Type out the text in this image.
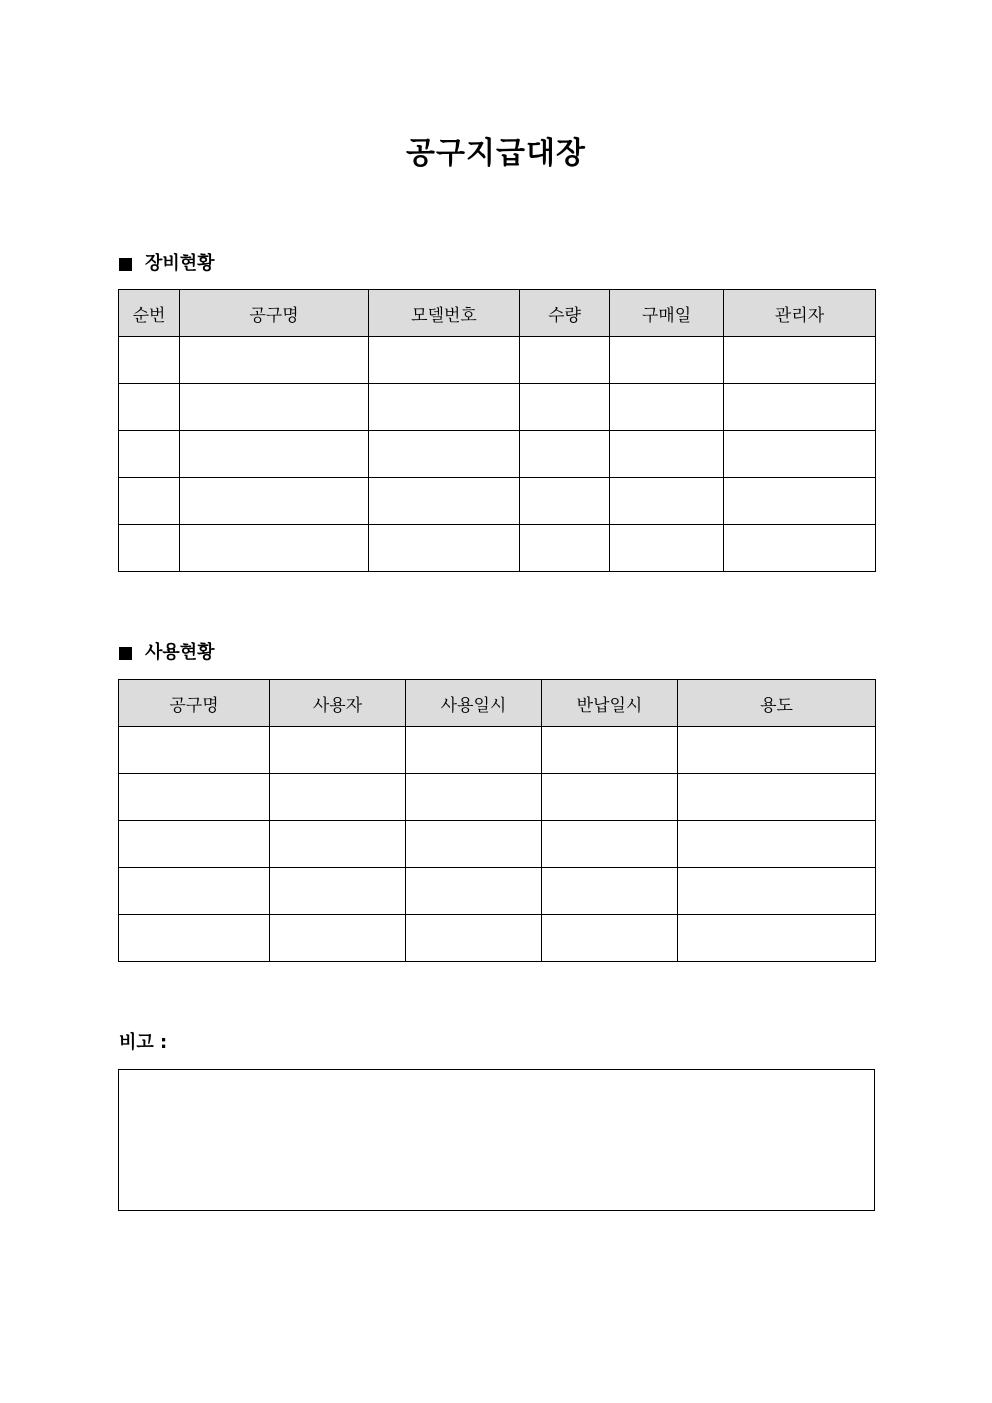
공구지급대장
장비현황
순번	공구명	모델번호	수량	구매일	관리자

사용현황
공구명	사용자	사용일시	반납일시	용도

비고 :
